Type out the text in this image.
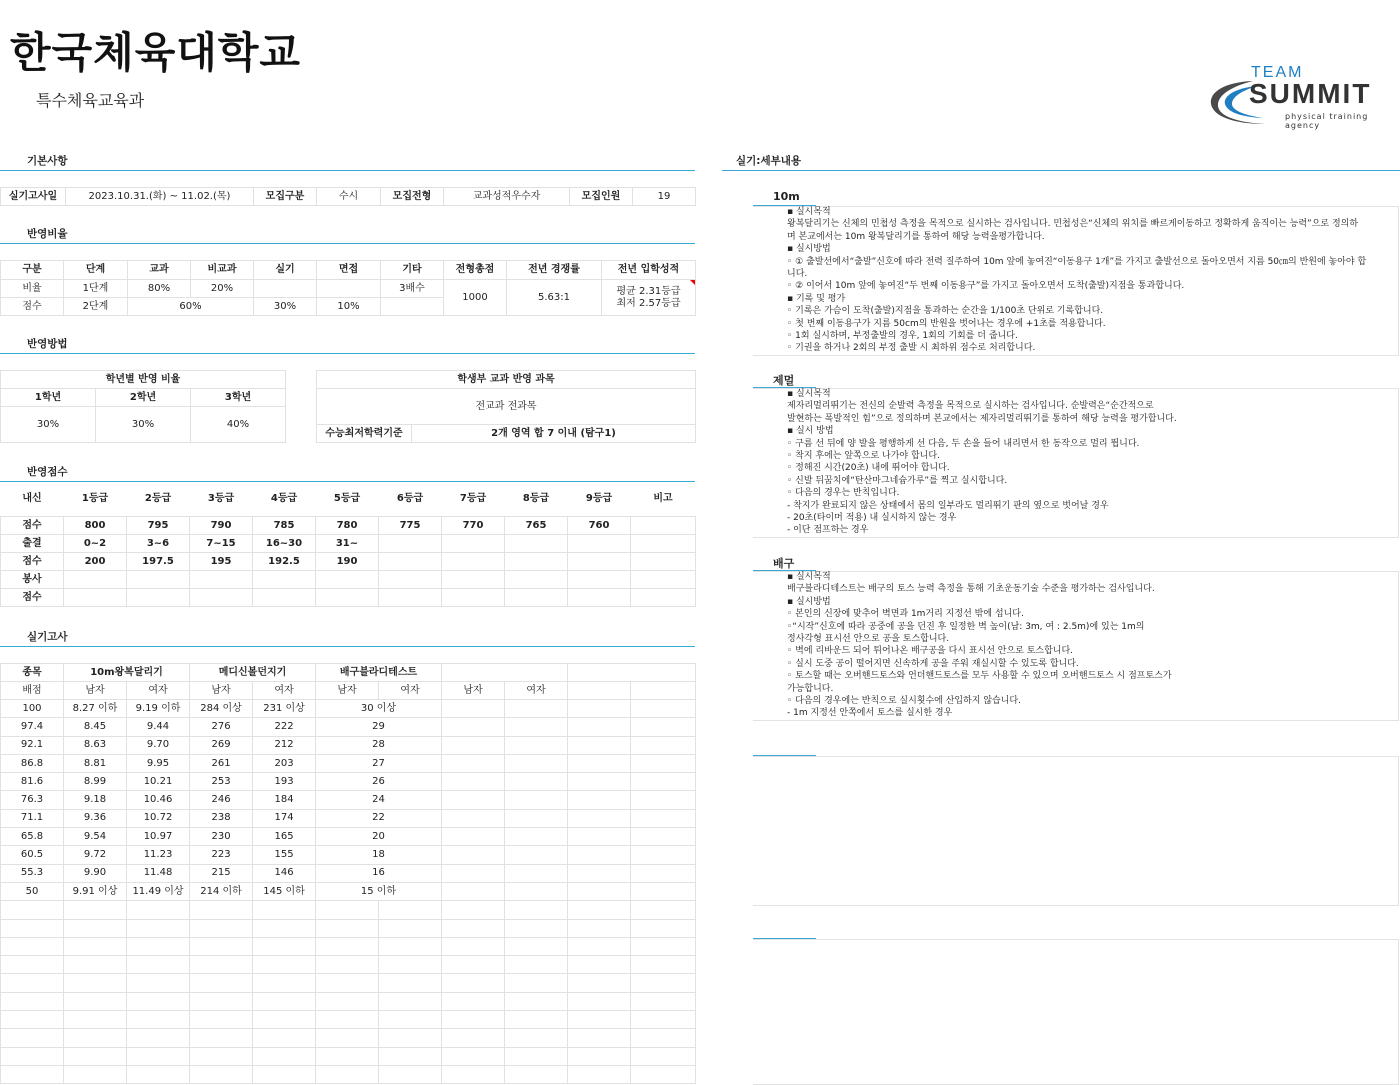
한국체육대학교
특수체육교육과
TEAM
SUMMIT
physical training agency
기본사항
실기고사일	2023.10.31.(화) ~ 11.02.(목)	모집구분	수시	모집전형	교과성적우수자	모집인원	19
반영비율
구분	단계	교과	비교과	실기	면접	기타	전형총점	전년 경쟁률	전년 입학성적
비율	1단계	80%	20%			3배수	1000	5.63:1	평균 2.31등급
최저 2.57등급

점수	2단계	60%		30%	10%				
반영방법
학년별 반영 비율		
1학년	2학년	3학년
30%	30%	40%
학생부 교과 반영 과목
전교과 전과목
수능최저학력기준	2개 영역 합 7 이내 (탐구1)
반영점수
내신	1등급	2등급	3등급	4등급	5등급	6등급	7등급	8등급	9등급	비고

점수	800	795	790	785	780	775	770	765	760	
출결	0~2	3~6	7~15	16~30	31~					
점수	200	197.5	195	192.5	190					
봉사										
점수										
실기고사
종목	10m왕복달리기		메디신볼던지기		배구블라디테스트					
배점	남자	여자	남자	여자	남자	여자	남자	여자		
100	8.27 이하	9.19 이하	284 이상	231 이상	30 이상					
97.4	8.45	9.44	276	222	29					
92.1	8.63	9.70	269	212	28					
86.8	8.81	9.95	261	203	27					
81.6	8.99	10.21	253	193	26					
76.3	9.18	10.46	246	184	24					
71.1	9.36	10.72	238	174	22					
65.8	9.54	10.97	230	165	20					
60.5	9.72	11.23	223	155	18					
55.3	9.90	11.48	215	146	16					
50	9.91 이상	11.49 이상	214 이하	145 이하	15 이하					

실기:세부내용
10m
▪ 실시목적
왕복달리기는 신체의 민첩성 측정을 목적으로 실시하는 검사입니다. 민첩성은“신체의 위치를 빠르게이동하고 정확하게 움직이는 능력”으로 정의하
며 본교에서는 10m 왕복달리기를 통하여 해당 능력을평가합니다.
▪ 실시방법
◦ ① 출발선에서“출발”신호에 따라 전력 질주하여 10m 앞에 놓여진“이동용구 1개”를 가지고 출발선으로 돌아오면서 지름 50㎝의 반원에 놓아야 합
니다.
◦ ② 이어서 10m 앞에 놓여진“두 번째 이동용구”를 가지고 돌아오면서 도착(출발)지점을 통과합니다.
▪ 기록 및 평가
◦ 기록은 가슴이 도착(출발)지점을 통과하는 순간을 1/100초 단위로 기록합니다.
◦ 첫 번째 이동용구가 지름 50cm의 반원을 벗어나는 경우에 +1초를 적용합니다.
◦ 1회 실시하며, 부정출발의 경우, 1회의 기회를 더 줍니다.
◦ 기권을 하거나 2회의 부정 출발 시 최하위 점수로 처리합니다.
제멀
▪ 실시목적
제자리멀리뛰기는 전신의 순발력 측정을 목적으로 실시하는 검사입니다. 순발력은“순간적으로
발현하는 폭발적인 힘”으로 정의하며 본교에서는 제자리멀리뛰기를 통하여 해당 능력을 평가합니다.
▪ 실시 방법
◦ 구름 선 뒤에 양 발을 평행하게 선 다음, 두 손을 들어 내리면서 한 동작으로 멀리 뜁니다.
◦ 착지 후에는 앞쪽으로 나가야 합니다.
◦ 정해진 시간(20초) 내에 뛰어야 합니다.
◦ 신발 뒤꿈치에“탄산마그네슘가루”를 찍고 실시합니다.
◦ 다음의 경우는 반칙입니다.
- 착지가 완료되지 않은 상태에서 몸의 일부라도 멀리뛰기 판의 옆으로 벗어날 경우
- 20초(타이머 적용) 내 실시하지 않는 경우
- 이단 점프하는 경우
배구
▪ 실시목적
배구블라디테스트는 배구의 토스 능력 측정을 통해 기초운동기술 수준을 평가하는 검사입니다.
▪ 실시방법
◦ 본인의 신장에 맞추어 벽면과 1m거리 지정선 밖에 섭니다.
◦“시작”신호에 따라 공중에 공을 던진 후 일정한 벽 높이(남: 3m, 여 : 2.5m)에 있는 1m의
정사각형 표시선 안으로 공을 토스합니다.
◦ 벽에 리바운드 되어 튀어나온 배구공을 다시 표시선 안으로 토스합니다.
◦ 실시 도중 공이 떨어지면 신속하게 공을 주워 재실시할 수 있도록 합니다.
◦ 토스할 때는 오버핸드토스와 언더핸드토스를 모두 사용할 수 있으며 오버핸드토스 시 점프토스가
가능합니다.
◦ 다음의 경우에는 반칙으로 실시횟수에 산입하지 않습니다.
- 1m 지정선 안쪽에서 토스를 실시한 경우
